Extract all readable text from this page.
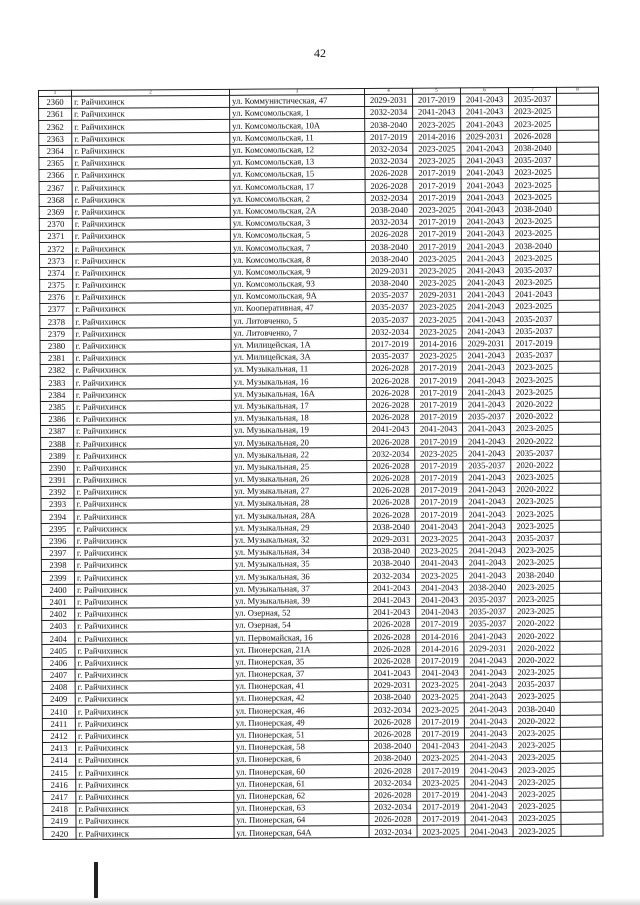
42
1	2	3	4	5	6	7	8
2360	г. Райчихинск	ул. Коммунистическая, 47	2029-2031	2017-2019	2041-2043	2035-2037	
2361	г. Райчихинск	ул. Комсомольская, 1	2032-2034	2041-2043	2041-2043	2023-2025	
2362	г. Райчихинск	ул. Комсомольская, 10А	2038-2040	2023-2025	2041-2043	2023-2025	
2363	г. Райчихинск	ул. Комсомольская, 11	2017-2019	2014-2016	2029-2031	2026-2028	
2364	г. Райчихинск	ул. Комсомольская, 12	2032-2034	2023-2025	2041-2043	2038-2040	
2365	г. Райчихинск	ул. Комсомольская, 13	2032-2034	2023-2025	2041-2043	2035-2037	
2366	г. Райчихинск	ул. Комсомольская, 15	2026-2028	2017-2019	2041-2043	2023-2025	
2367	г. Райчихинск	ул. Комсомольская, 17	2026-2028	2017-2019	2041-2043	2023-2025	
2368	г. Райчихинск	ул. Комсомольская, 2	2032-2034	2017-2019	2041-2043	2023-2025	
2369	г. Райчихинск	ул. Комсомольская, 2А	2038-2040	2023-2025	2041-2043	2038-2040	
2370	г. Райчихинск	ул. Комсомольская, 3	2032-2034	2017-2019	2041-2043	2023-2025	
2371	г. Райчихинск	ул. Комсомольская, 5	2026-2028	2017-2019	2041-2043	2023-2025	
2372	г. Райчихинск	ул. Комсомольская, 7	2038-2040	2017-2019	2041-2043	2038-2040	
2373	г. Райчихинск	ул. Комсомольская, 8	2038-2040	2023-2025	2041-2043	2023-2025	
2374	г. Райчихинск	ул. Комсомольская, 9	2029-2031	2023-2025	2041-2043	2035-2037	
2375	г. Райчихинск	ул. Комсомольская, 93	2038-2040	2023-2025	2041-2043	2023-2025	
2376	г. Райчихинск	ул. Комсомольская, 9А	2035-2037	2029-2031	2041-2043	2041-2043	
2377	г. Райчихинск	ул. Кооперативная, 47	2035-2037	2023-2025	2041-2043	2023-2025	
2378	г. Райчихинск	ул. Литовченко, 5	2035-2037	2023-2025	2041-2043	2035-2037	
2379	г. Райчихинск	ул. Литовченко, 7	2032-2034	2023-2025	2041-2043	2035-2037	
2380	г. Райчихинск	ул. Милицейская, 1А	2017-2019	2014-2016	2029-2031	2017-2019	
2381	г. Райчихинск	ул. Милицейская, 3А	2035-2037	2023-2025	2041-2043	2035-2037	
2382	г. Райчихинск	ул. Музыкальная, 11	2026-2028	2017-2019	2041-2043	2023-2025	
2383	г. Райчихинск	ул. Музыкальная, 16	2026-2028	2017-2019	2041-2043	2023-2025	
2384	г. Райчихинск	ул. Музыкальная, 16А	2026-2028	2017-2019	2041-2043	2023-2025	
2385	г. Райчихинск	ул. Музыкальная, 17	2026-2028	2017-2019	2041-2043	2020-2022	
2386	г. Райчихинск	ул. Музыкальная, 18	2026-2028	2017-2019	2035-2037	2020-2022	
2387	г. Райчихинск	ул. Музыкальная, 19	2041-2043	2041-2043	2041-2043	2023-2025	
2388	г. Райчихинск	ул. Музыкальная, 20	2026-2028	2017-2019	2041-2043	2020-2022	
2389	г. Райчихинск	ул. Музыкальная, 22	2032-2034	2023-2025	2041-2043	2035-2037	
2390	г. Райчихинск	ул. Музыкальная, 25	2026-2028	2017-2019	2035-2037	2020-2022	
2391	г. Райчихинск	ул. Музыкальная, 26	2026-2028	2017-2019	2041-2043	2023-2025	
2392	г. Райчихинск	ул. Музыкальная, 27	2026-2028	2017-2019	2041-2043	2020-2022	
2393	г. Райчихинск	ул. Музыкальная, 28	2026-2028	2017-2019	2041-2043	2023-2025	
2394	г. Райчихинск	ул. Музыкальная, 28А	2026-2028	2017-2019	2041-2043	2023-2025	
2395	г. Райчихинск	ул. Музыкальная, 29	2038-2040	2041-2043	2041-2043	2023-2025	
2396	г. Райчихинск	ул. Музыкальная, 32	2029-2031	2023-2025	2041-2043	2035-2037	
2397	г. Райчихинск	ул. Музыкальная, 34	2038-2040	2023-2025	2041-2043	2023-2025	
2398	г. Райчихинск	ул. Музыкальная, 35	2038-2040	2041-2043	2041-2043	2023-2025	
2399	г. Райчихинск	ул. Музыкальная, 36	2032-2034	2023-2025	2041-2043	2038-2040	
2400	г. Райчихинск	ул. Музыкальная, 37	2041-2043	2041-2043	2038-2040	2023-2025	
2401	г. Райчихинск	ул. Музыкальная, 39	2041-2043	2041-2043	2035-2037	2023-2025	
2402	г. Райчихинск	ул. Озерная, 52	2041-2043	2041-2043	2035-2037	2023-2025	
2403	г. Райчихинск	ул. Озерная, 54	2026-2028	2017-2019	2035-2037	2020-2022	
2404	г. Райчихинск	ул. Первомайская, 16	2026-2028	2014-2016	2041-2043	2020-2022	
2405	г. Райчихинск	ул. Пионерская, 21А	2026-2028	2014-2016	2029-2031	2020-2022	
2406	г. Райчихинск	ул. Пионерская, 35	2026-2028	2017-2019	2041-2043	2020-2022	
2407	г. Райчихинск	ул. Пионерская, 37	2041-2043	2041-2043	2041-2043	2023-2025	
2408	г. Райчихинск	ул. Пионерская, 41	2029-2031	2023-2025	2041-2043	2035-2037	
2409	г. Райчихинск	ул. Пионерская, 42	2038-2040	2023-2025	2041-2043	2023-2025	
2410	г. Райчихинск	ул. Пионерская, 46	2032-2034	2023-2025	2041-2043	2038-2040	
2411	г. Райчихинск	ул. Пионерская, 49	2026-2028	2017-2019	2041-2043	2020-2022	
2412	г. Райчихинск	ул. Пионерская, 51	2026-2028	2017-2019	2041-2043	2023-2025	
2413	г. Райчихинск	ул. Пионерская, 58	2038-2040	2041-2043	2041-2043	2023-2025	
2414	г. Райчихинск	ул. Пионерская, 6	2038-2040	2023-2025	2041-2043	2023-2025	
2415	г. Райчихинск	ул. Пионерская, 60	2026-2028	2017-2019	2041-2043	2023-2025	
2416	г. Райчихинск	ул. Пионерская, 61	2032-2034	2023-2025	2041-2043	2023-2025	
2417	г. Райчихинск	ул. Пионерская, 62	2026-2028	2017-2019	2041-2043	2023-2025	
2418	г. Райчихинск	ул. Пионерская, 63	2032-2034	2017-2019	2041-2043	2023-2025	
2419	г. Райчихинск	ул. Пионерская, 64	2026-2028	2017-2019	2041-2043	2023-2025	
2420	г. Райчихинск	ул. Пионерская, 64А	2032-2034	2023-2025	2041-2043	2023-2025	
